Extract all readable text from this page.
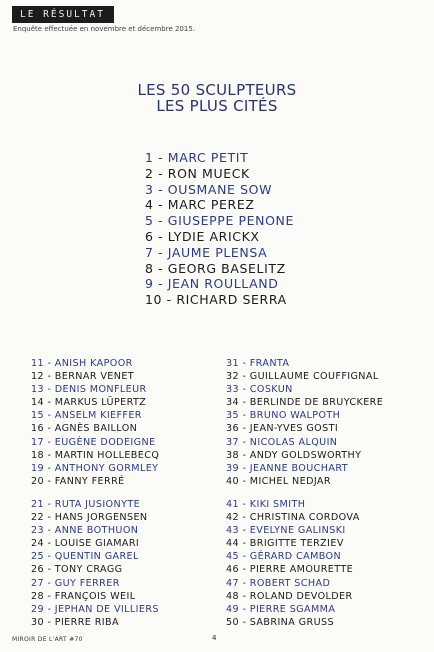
LE RÉSULTAT
Enquête effectuée en novembre et décembre 2015.
LES 50 SCULPTEURS
LES PLUS CITÉS
1 - MARC PETIT
2 - RON MUECK
3 - OUSMANE SOW
4 - MARC PEREZ
5 - GIUSEPPE PENONE
6 - LYDIE ARICKX
7 - JAUME PLENSA
8 - GEORG BASELITZ
9 - JEAN ROULLAND
10 - RICHARD SERRA
11 - ANISH KAPOOR
12 - BERNAR VENET
13 - DENIS MONFLEUR
14 - MARKUS LÜPERTZ
15 - ANSELM KIEFFER
16 - AGNÈS BAILLON
17 - EUGÈNE DODEIGNE
18 - MARTIN HOLLEBECQ
19 - ANTHONY GORMLEY
20 - FANNY FERRÉ
21 - RUTA JUSIONYTE
22 - HANS JORGENSEN
23 - ANNE BOTHUON
24 - LOUISE GIAMARI
25 - QUENTIN GAREL
26 - TONY CRAGG
27 - GUY FERRER
28 - FRANÇOIS WEIL
29 - JEPHAN DE VILLIERS
30 - PIERRE RIBA
31 - FRANTA
32 - GUILLAUME COUFFIGNAL
33 - COSKUN
34 - BERLINDE DE BRUYCKERE
35 - BRUNO WALPOTH
36 - JEAN-YVES GOSTI
37 - NICOLAS ALQUIN
38 - ANDY GOLDSWORTHY
39 - JEANNE BOUCHART
40 - MICHEL NEDJAR
41 - KIKI SMITH
42 - CHRISTINA CORDOVA
43 - EVELYNE GALINSKI
44 - BRIGITTE TERZIEV
45 - GÉRARD CAMBON
46 - PIERRE AMOURETTE
47 - ROBERT SCHAD
48 - ROLAND DEVOLDER
49 - PIERRE SGAMMA
50 - SABRINA GRUSS
MIROIR DE L'ART #70	4
